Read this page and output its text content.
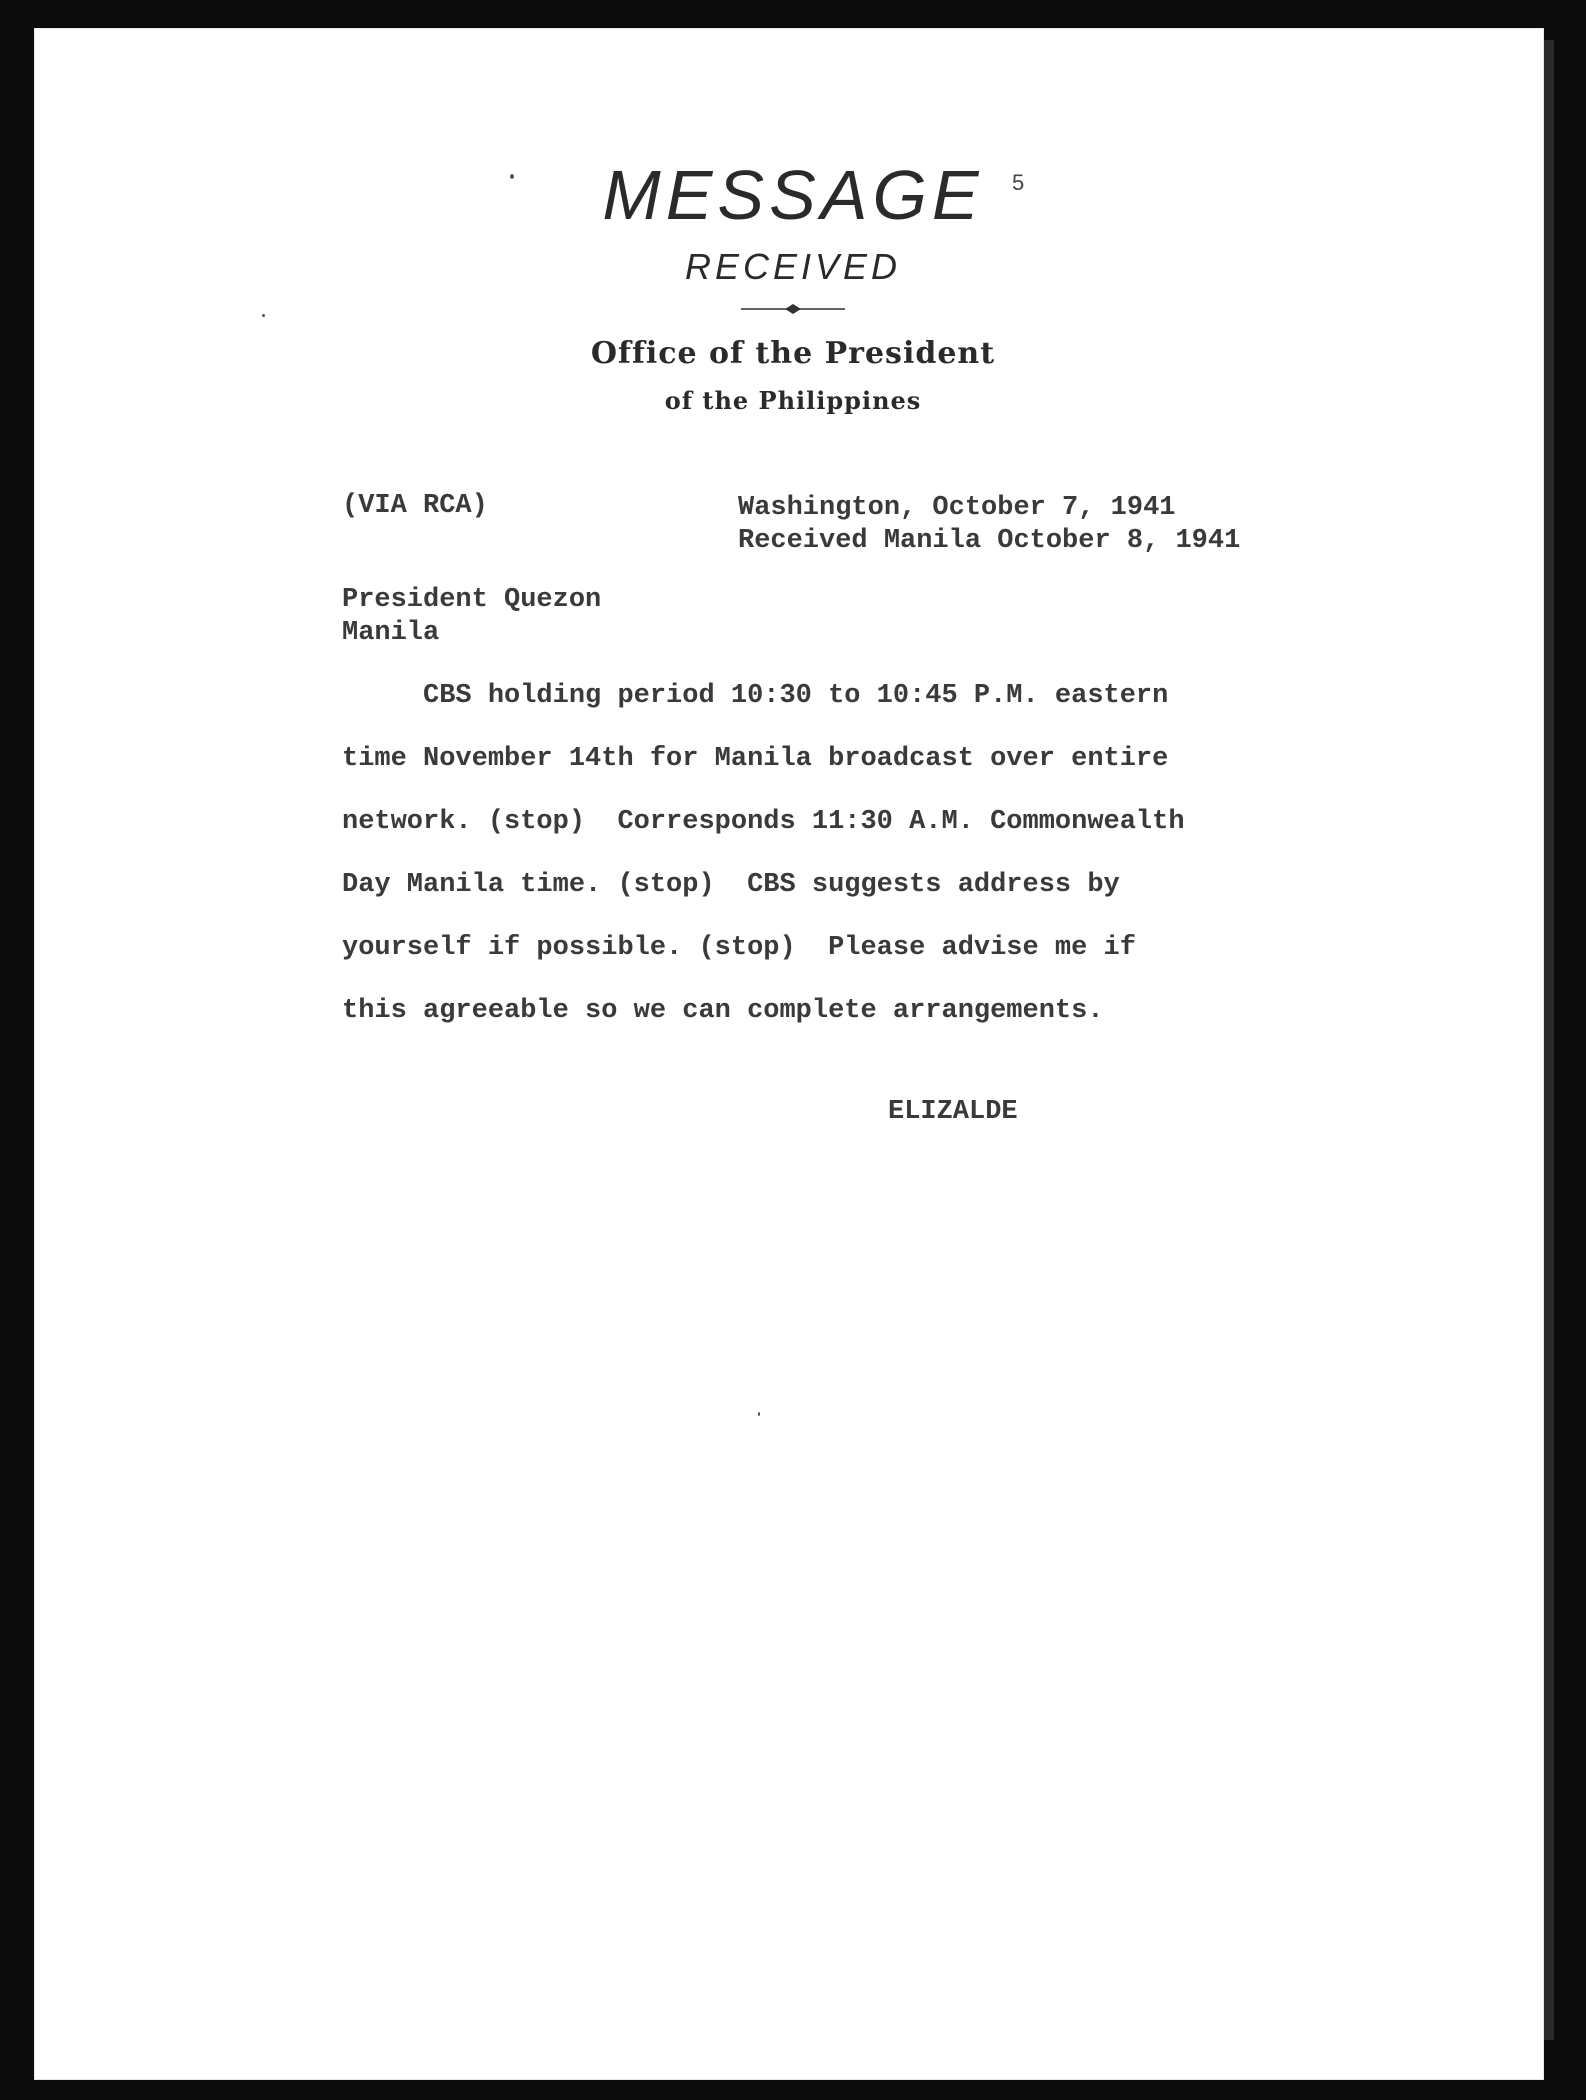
MESSAGE	5
RECEIVED
Office of the President
of the Philippines
(VIA RCA)	Washington, October 7, 1941
Received Manila October 8, 1941
President Quezon
Manila
CBS holding period 10:30 to 10:45 P.M. eastern
time November 14th for Manila broadcast over entire
network. (stop)  Corresponds 11:30 A.M. Commonwealth
Day Manila time. (stop)  CBS suggests address by
yourself if possible. (stop)  Please advise me if
this agreeable so we can complete arrangements.
ELIZALDE
